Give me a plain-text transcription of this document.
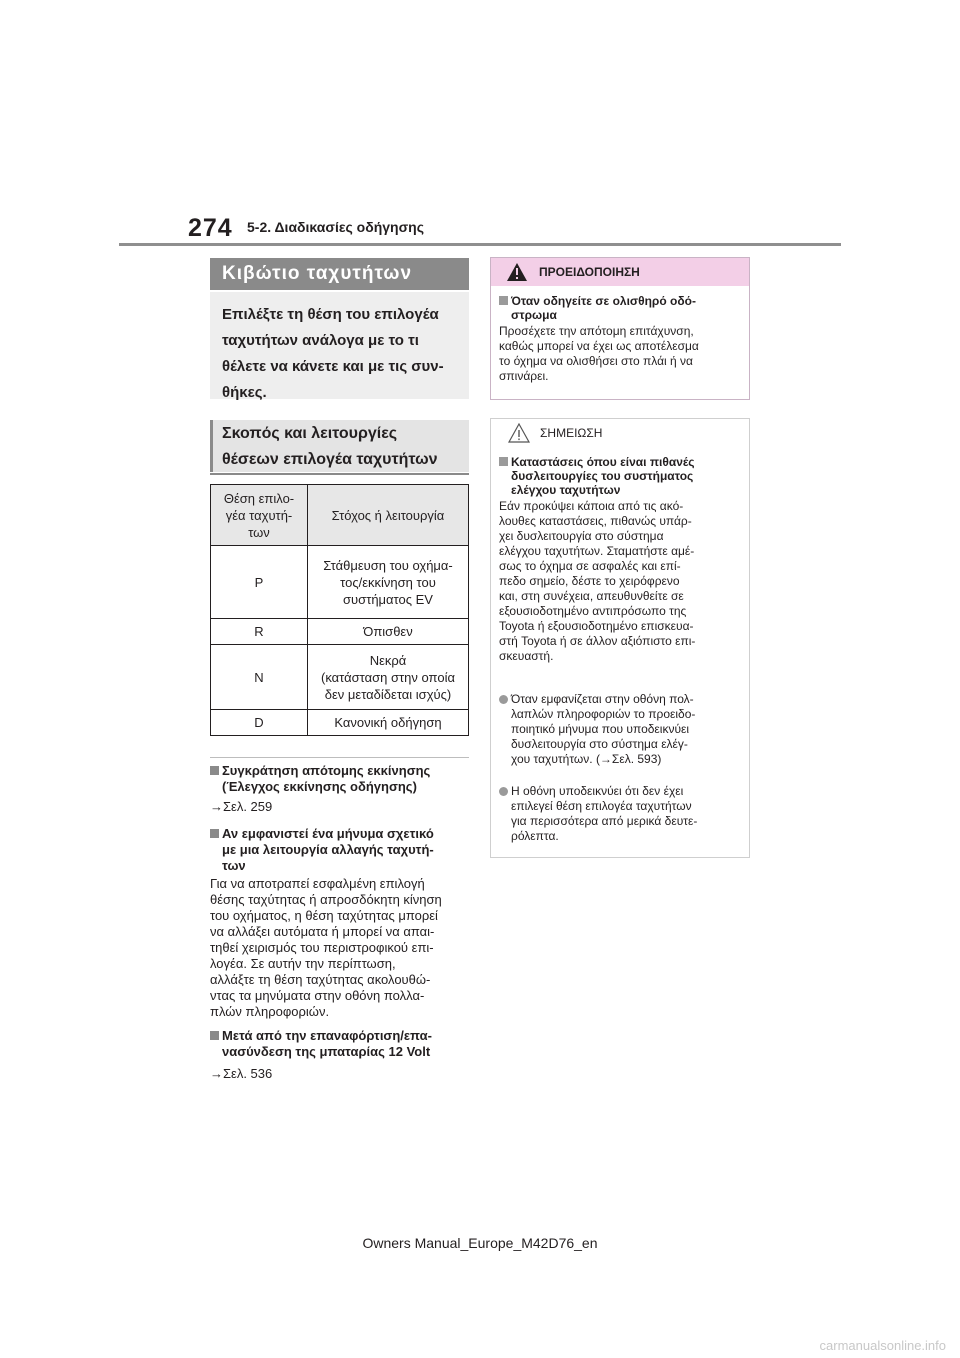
274 5-2. Διαδικασίες οδήγησης
Κιβώτιο ταχυτήτων
Επιλέξτε τη θέση του επιλογέα
ταχυτήτων ανάλογα με το τι
θέλετε να κάνετε και με τις συν-
θήκες.
Σκοπός και λειτουργίες
θέσεων επιλογέα ταχυτήτων
Θέση επιλο-
γέα ταχυτή-
των	Στόχος ή λειτουργία
P	Στάθμευση του οχήμα-
τος/εκκίνηση του
συστήματος EV

R	Όπισθεν

N	Νεκρά
(κατάσταση στην οποία
δεν μεταδίδεται ισχύς)

D	Κανονική οδήγηση
Συγκράτηση απότομης εκκίνησης
(Έλεγχος εκκίνησης οδήγησης)
→Σελ. 259
Αν εμφανιστεί ένα μήνυμα σχετικό
με μια λειτουργία αλλαγής ταχυτή-
των
Για να αποτραπεί εσφαλμένη επιλογή
θέσης ταχύτητας ή απροσδόκητη κίνηση
του οχήματος, η θέση ταχύτητας μπορεί
να αλλάξει αυτόματα ή μπορεί να απαι-
τηθεί χειρισμός του περιστροφικού επι-
λογέα. Σε αυτήν την περίπτωση,
αλλάξτε τη θέση ταχύτητας ακολουθώ-
ντας τα μηνύματα στην οθόνη πολλα-
πλών πληροφοριών.
Μετά από την επαναφόρτιση/επα-
νασύνδεση της μπαταρίας 12 Volt
→Σελ. 536
ΠΡΟΕΙΔΟΠΟΙΗΣΗ
Όταν οδηγείτε σε ολισθηρό οδό-
στρωμα
Προσέχετε την απότομη επιτάχυνση,
καθώς μπορεί να έχει ως αποτέλεσμα
το όχημα να ολισθήσει στο πλάι ή να
σπινάρει.
ΣΗΜΕΙΩΣΗ
Καταστάσεις όπου είναι πιθανές
δυσλειτουργίες του συστήματος
ελέγχου ταχυτήτων
Εάν προκύψει κάποια από τις ακό-
λουθες καταστάσεις, πιθανώς υπάρ-
χει δυσλειτουργία στο σύστημα
ελέγχου ταχυτήτων. Σταματήστε αμέ-
σως το όχημα σε ασφαλές και επί-
πεδο σημείο, δέστε το χειρόφρενο
και, στη συνέχεια, απευθυνθείτε σε
εξουσιοδοτημένο αντιπρόσωπο της
Toyota ή εξουσιοδοτημένο επισκευα-
στή Toyota ή σε άλλον αξιόπιστο επι-
σκευαστή.
Όταν εμφανίζεται στην οθόνη πολ-
λαπλών πληροφοριών το προειδο-
ποιητικό μήνυμα που υποδεικνύει
δυσλειτουργία στο σύστημα ελέγ-
χου ταχυτήτων. (→Σελ. 593)
Η οθόνη υποδεικνύει ότι δεν έχει
επιλεγεί θέση επιλογέα ταχυτήτων
για περισσότερα από μερικά δευτε-
ρόλεπτα.
Owners Manual_Europe_M42D76_en
carmanualsonline.info
